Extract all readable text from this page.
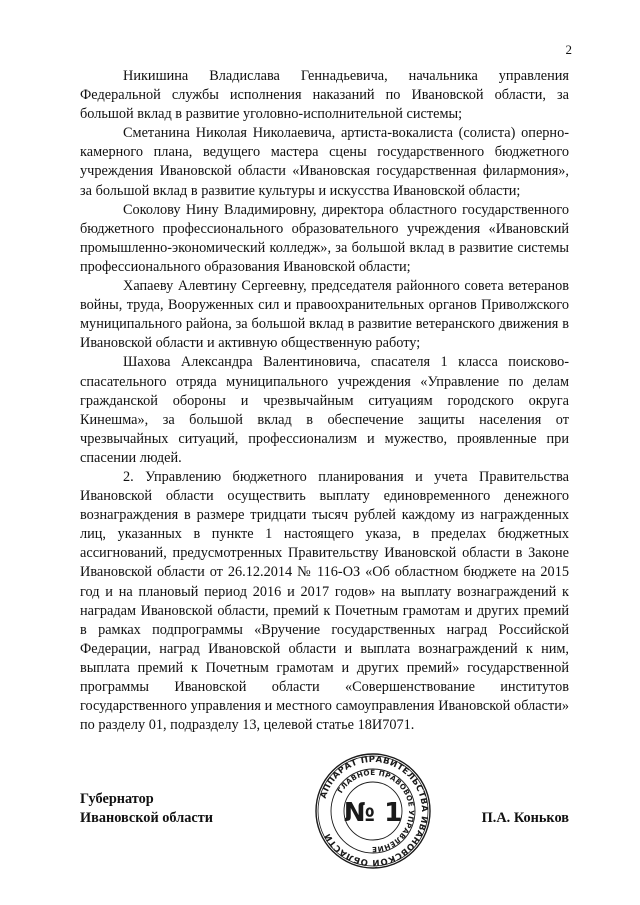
2

Никишина Владислава Геннадьевича, начальника управления Федеральной службы исполнения наказаний по Ивановской области, за большой вклад в развитие уголовно-исполнительной системы;

Сметанина Николая Николаевича, артиста-вокалиста (солиста) оперно-камерного плана, ведущего мастера сцены государственного бюджетного учреждения Ивановской области «Ивановская государственная филармония», за большой вклад в развитие культуры и искусства Ивановской области;

Соколову Нину Владимировну, директора областного государственного бюджетного профессионального образовательного учреждения «Ивановский промышленно-экономический колледж», за большой вклад в развитие системы профессионального образования Ивановской области;

Хапаеву Алевтину Сергеевну, председателя районного совета ветеранов войны, труда, Вооруженных сил и правоохранительных органов Приволжского муниципального района, за большой вклад в развитие ветеранского движения в Ивановской области и активную общественную работу;

Шахова Александра Валентиновича, спасателя 1 класса поисково-спасательного отряда муниципального учреждения «Управление по делам гражданской обороны и чрезвычайным ситуациям городского округа Кинешма», за большой вклад в обеспечение защиты населения от чрезвычайных ситуаций, профессионализм и мужество, проявленные при спасении людей.

2. Управлению бюджетного планирования и учета Правительства Ивановской области осуществить выплату единовременного денежного вознаграждения в размере тридцати тысяч рублей каждому из награжденных лиц, указанных в пункте 1 настоящего указа, в пределах бюджетных ассигнований, предусмотренных Правительству Ивановской области в Законе Ивановской области от 26.12.2014 № 116-ОЗ «Об областном бюджете на 2015 год и на плановый период 2016 и 2017 годов» на выплату вознаграждений к наградам Ивановской области, премий к Почетным грамотам и других премий в рамках подпрограммы «Вручение государственных наград Российской Федерации, наград Ивановской области и выплата вознаграждений к ним, выплата премий к Почетным грамотам и других премий» государственной программы Ивановской области «Совершенствование институтов государственного управления и местного самоуправления Ивановской области» по разделу 01, подразделу 13, целевой статье 18И7071.

Губернатор
Ивановской области
АППАРАТ ПРАВИТЕЛЬСТВА ИВАНОВСКОЙ ОБЛАСТИ
ГЛАВНОЕ ПРАВОВОЕ УПРАВЛЕНИЕ
№ 1	П.А. Коньков
